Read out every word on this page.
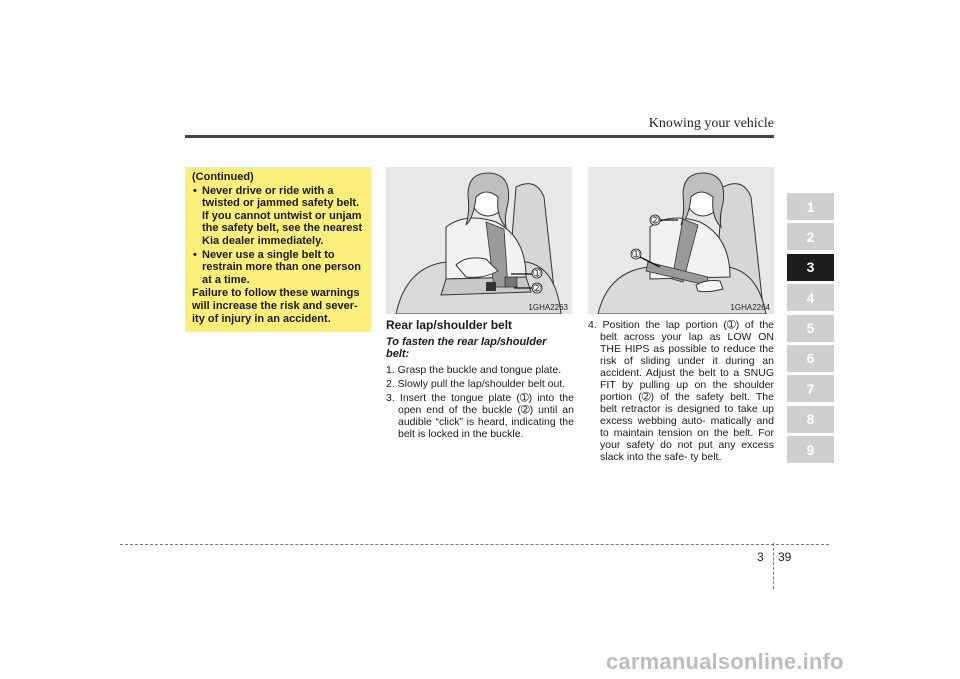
Knowing your vehicle

(Continued)

• Never drive or ride with a twisted or jammed safety belt. If you cannot untwist or unjam the safety belt, see the nearest Kia dealer immediately.

• Never use a single belt to restrain more than one person at a time.

Failure to follow these warnings will increase the risk and sever- ity of injury in an accident.

➀
➁
1GHA2263
➁
➀
1GHA2264
Rear lap/shoulder belt
To fasten the rear lap/shoulder belt:
1. Grasp the buckle and tongue plate.
2. Slowly pull the lap/shoulder belt out.
3. Insert the tongue plate (➀) into the open end of the buckle (➁) until an audible “click” is heard, indicating the belt is locked in the buckle.
4. Position the lap portion (➀) of the belt across your lap as LOW ON THE HIPS as possible to reduce the risk of sliding under it during an accident. Adjust the belt to a SNUG FIT by pulling up on the shoulder portion (➁) of the safety belt. The belt retractor is designed to take up excess webbing auto- matically and to maintain tension on the belt. For your safety do not put any excess slack into the safe- ty belt.
1
2
3
4
5
6
7
8
9
3 39
carmanualsonline.info
